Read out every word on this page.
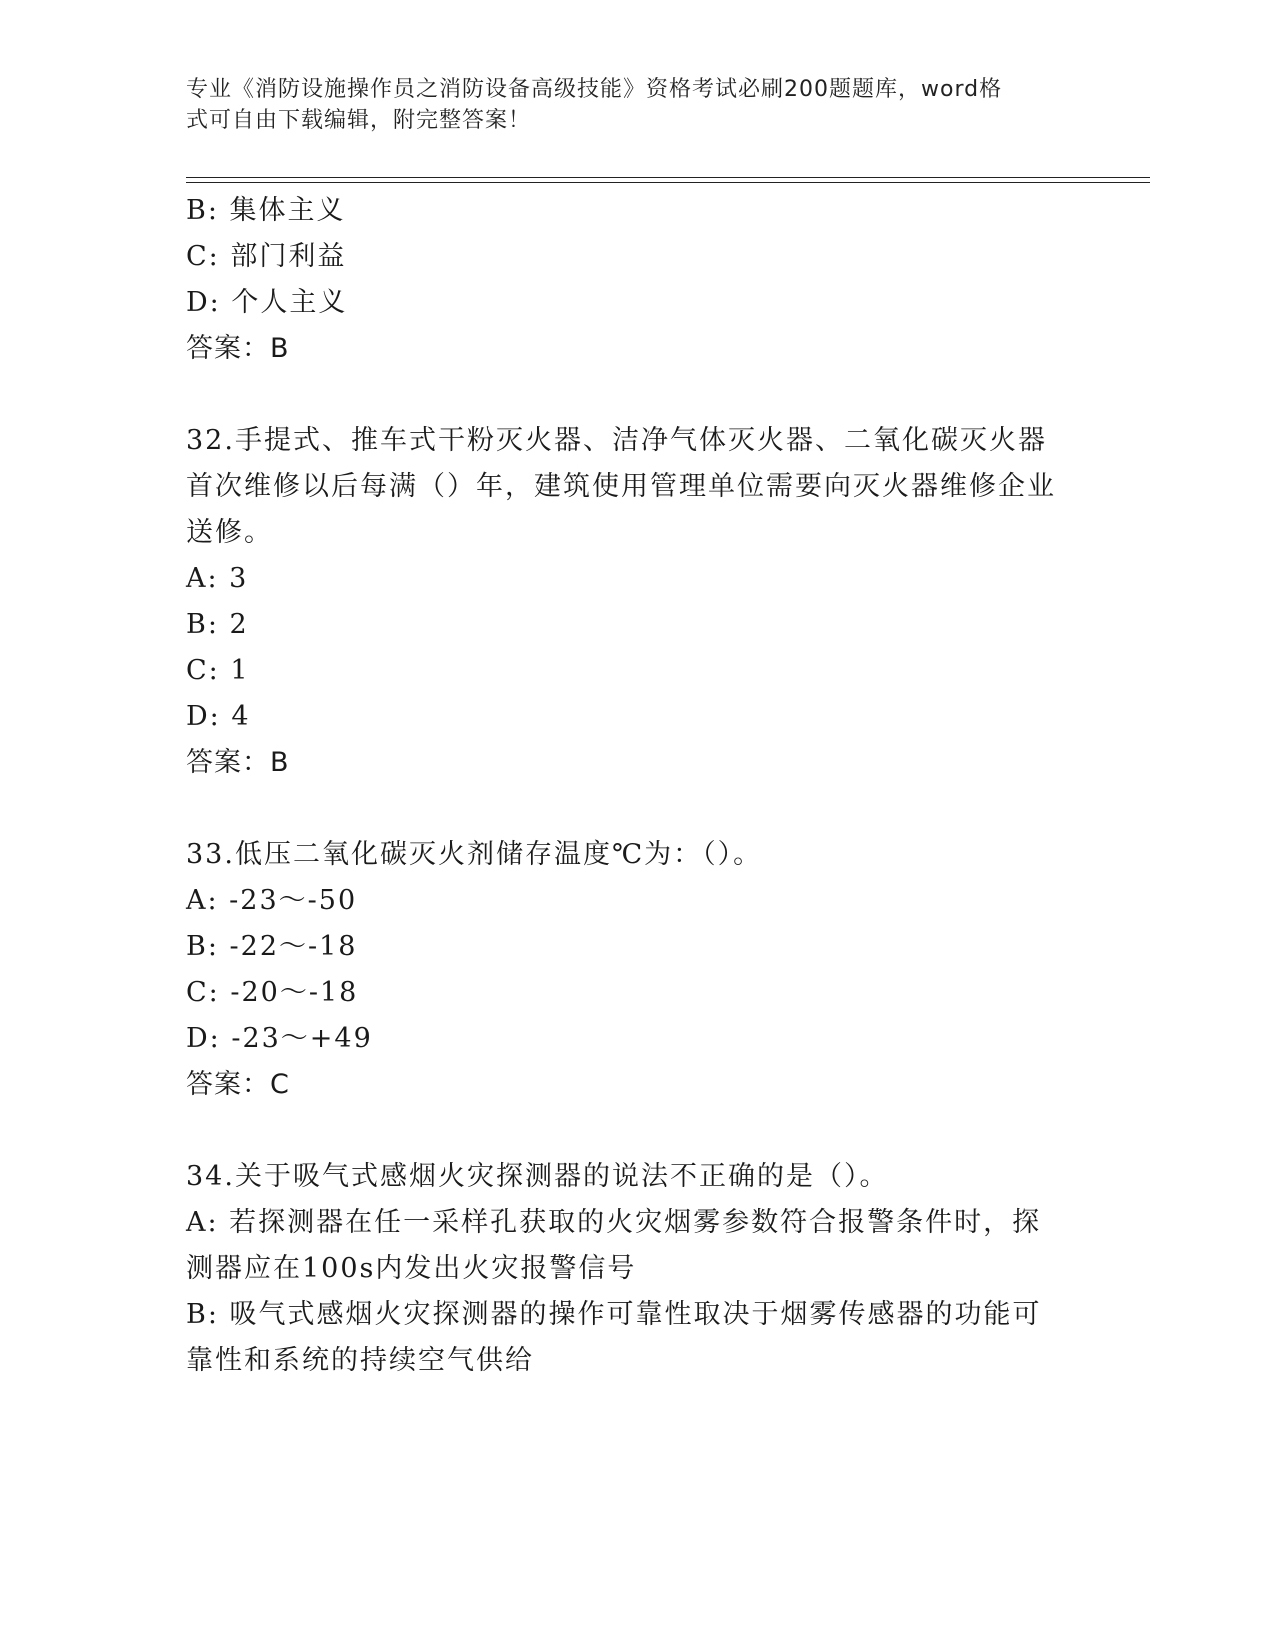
专业《消防设施操作员之消防设备高级技能》资格考试必刷200题题库，word格
式可自由下载编辑，附完整答案！
B: 集体主义
C: 部门利益
D: 个人主义
答案：B
32.手提式、推车式干粉灭火器、洁净气体灭火器、二氧化碳灭火器首次维修以后每满（）年，建筑使用管理单位需要向灭火器维修企业送修。
A: 3
B: 2
C: 1
D: 4
答案：B
33.低压二氧化碳灭火剂储存温度℃为：（）。
A: -23～-50
B: -22～-18
C: -20～-18
D: -23～+49
答案：C
34.关于吸气式感烟火灾探测器的说法不正确的是（）。
A: 若探测器在任一采样孔获取的火灾烟雾参数符合报警条件时，探测器应在100s内发出火灾报警信号
B: 吸气式感烟火灾探测器的操作可靠性取决于烟雾传感器的功能可靠性和系统的持续空气供给
